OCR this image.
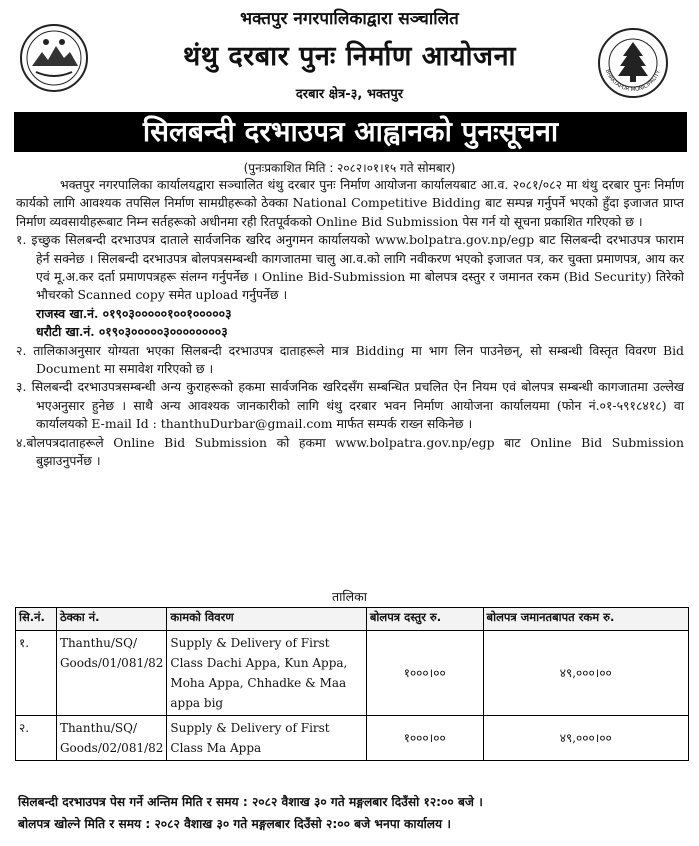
भक्तपुर नगरपालिकाद्वारा सञ्चालित
थंथु दरबार पुनः निर्माण आयोजना
दरबार क्षेत्र-३, भक्तपुर
BHAKTAPUR MUNICIPALITY
सिलबन्दी दरभाउपत्र आह्वानको पुनःसूचना
(पुनःप्रकाशित मिति : २०८२।०१।१५ गते सोमबार)

भक्तपुर नगरपालिका कार्यालयद्वारा सञ्चालित थंथु दरबार पुनः निर्माण आयोजना कार्यालयबाट आ.व. २०८१/०८२ मा थंथु दरबार पुनः निर्माण कार्यको लागि आवश्यक तपसिल निर्माण सामग्रीहरूको ठेक्का National Competitive Bidding बाट सम्पन्न गर्नुपर्ने भएको हुँदा इजाजत प्राप्त निर्माण व्यवसायीहरूबाट निम्न सर्तहरूको अधीनमा रही रितपूर्वकको Online Bid Submission पेस गर्न यो सूचना प्रकाशित गरिएको छ ।

१. इच्छुक सिलबन्दी दरभाउपत्र दाताले सार्वजनिक खरिद अनुगमन कार्यालयको www.bolpatra.gov.np/egp बाट सिलबन्दी दरभाउपत्र फाराम हेर्न सक्नेछ । सिलबन्दी दरभाउपत्र बोलपत्रसम्बन्धी कागजातमा चालु आ.व.को लागि नवीकरण भएको इजाजत पत्र, कर चुक्ता प्रमाणपत्र, आय कर एवं मू.अ.कर दर्ता प्रमाणपत्रहरू संलग्न गर्नुपर्नेछ । Online Bid-Submission मा बोलपत्र दस्तुर र जमानत रकम (Bid Security) तिरेको भौचरको Scanned copy समेत upload गर्नुपर्नेछ ।

राजस्व खा.नं. ०१९०३०००००१००१०००००३

धरौटी खा.नं. ०१९०३०००००३००००००००३

२. तालिकाअनुसार योग्यता भएका सिलबन्दी दरभाउपत्र दाताहरूले मात्र Bidding मा भाग लिन पाउनेछन्, सो सम्बन्धी विस्तृत विवरण Bid Document मा समावेश गरिएको छ ।

३. सिलबन्दी दरभाउपत्रसम्बन्धी अन्य कुराहरूको हकमा सार्वजनिक खरिदसँग सम्बन्धित प्रचलित ऐन नियम एवं बोलपत्र सम्बन्धी कागजातमा उल्लेख भएअनुसार हुनेछ । साथै अन्य आवश्यक जानकारीको लागि थंथु दरबार भवन निर्माण आयोजना कार्यालयमा (फोन नं.०१-५९१८४१८) वा कार्यालयको E-mail Id : thanthuDurbar@gmail.com मार्फत सम्पर्क राख्न सकिनेछ ।

४.बोलपत्रदाताहरूले Online Bid Submission को हकमा www.bolpatra.gov.np/egp बाट Online Bid Submission बुझाउनुपर्नेछ ।

तालिका
सि.नं.	ठेक्का नं.	कामको विवरण	बोलपत्र दस्तुर रु.	बोलपत्र जमानतबापत रकम रु.
१.	Thanthu/SQ/ Goods/01/081/82	Supply & Delivery of First Class Dachi Appa, Kun Appa, Moha Appa, Chhadke & Maa appa big	१०००।००	४९,०००।००
२.	Thanthu/SQ/ Goods/02/081/82	Supply & Delivery of First Class Ma Appa	१०००।००	४९,०००।००
सिलबन्दी दरभाउपत्र पेस गर्ने अन्तिम मिति र समय : २०८२ वैशाख ३० गते मङ्गलबार दिउँसो १२:०० बजे ।
बोलपत्र खोल्ने मिति र समय : २०८२ वैशाख ३० गते मङ्गलबार दिउँसो २:०० बजे भनपा कार्यालय ।
